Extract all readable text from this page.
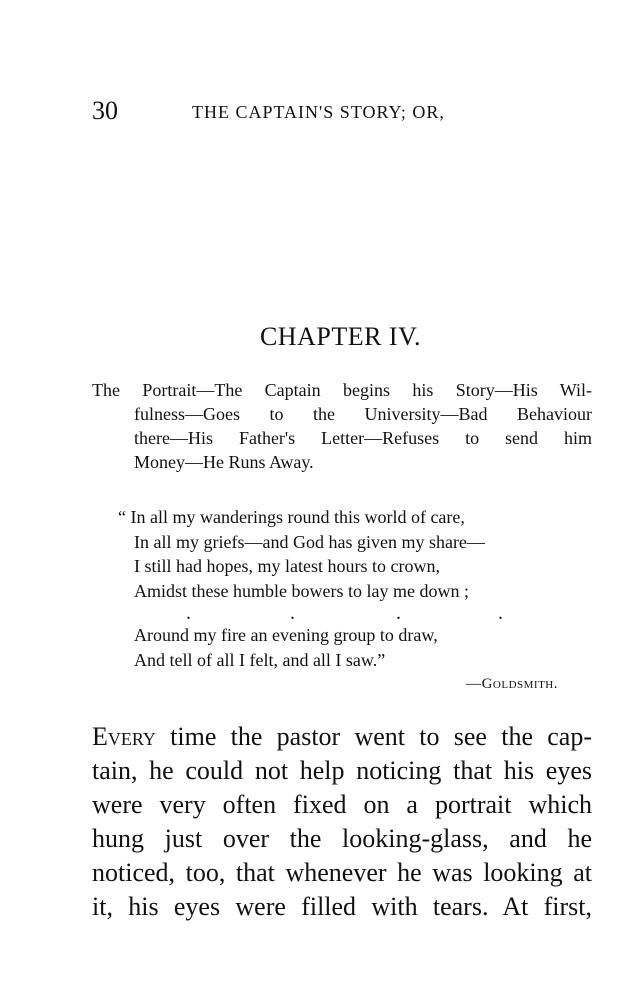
30	THE CAPTAIN'S STORY; OR,
CHAPTER IV.
The Portrait—The Captain begins his Story—His Wil-
fulness—Goes to the University—Bad Behaviour
there—His Father's Letter—Refuses to send him
Money—He Runs Away.
“ In all my wanderings round this world of care,
In all my griefs—and God has given my share—
I still had hopes, my latest hours to crown,
Amidst these humble bowers to lay me down ;
.	.	.	.
Around my fire an evening group to draw,
And tell of all I felt, and all I saw.”
—Goldsmith.
Every time the pastor went to see the cap-
tain, he could not help noticing that his eyes
were very often fixed on a portrait which
hung just over the looking-glass, and he
noticed, too, that whenever he was looking at
it, his eyes were filled with tears. At first,
